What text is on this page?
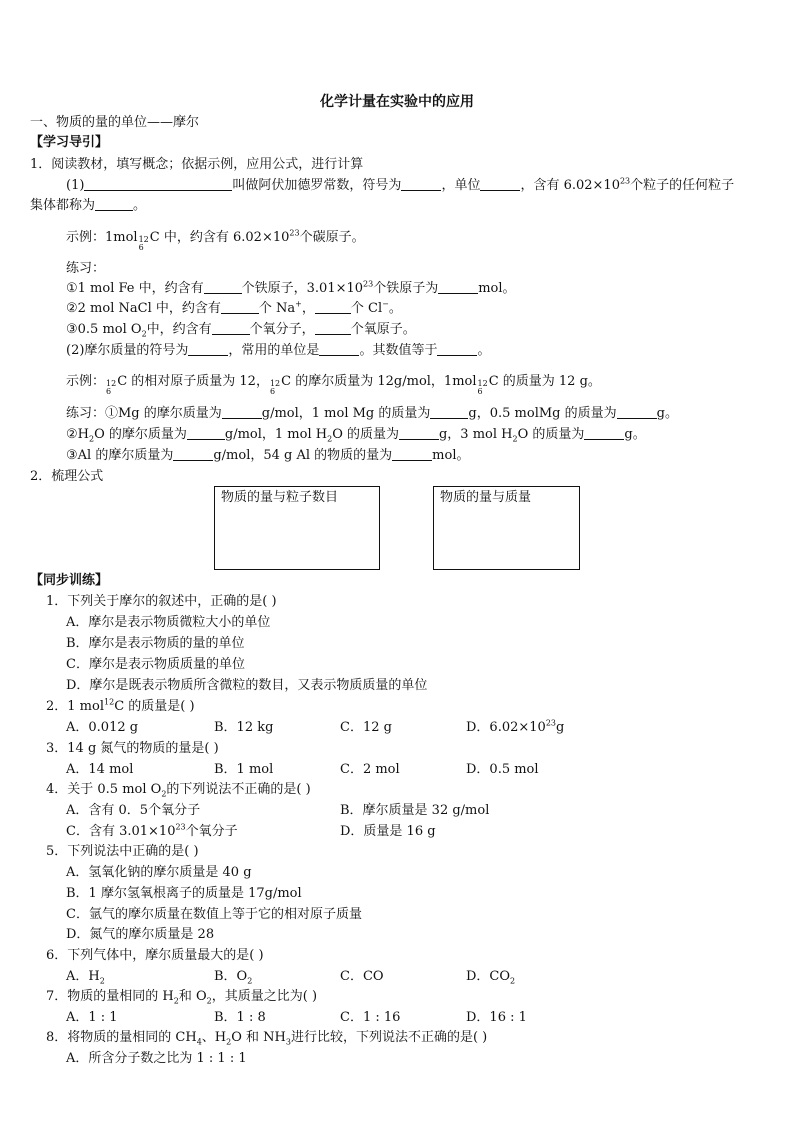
化学计量在实验中的应用
一、物质的量的单位——摩尔
【学习导引】
1．阅读教材，填写概念；依据示例，应用公式，进行计算
(1)	叫做阿伏加德罗常数，符号为	，单位	，含有 $6.02\times 10^{23}$个粒子的任何粒子
集体都称为	。
示例：1mol 12
6
C 中，约含有 $6.02\times 10^{23}$个碳原子。
练习：
①1 mol Fe 中，约含有	个铁原子，$3.01\times 10^{23}$个铁原子为	mol。
②2 mol NaCl 中，约含有	个 Na+，	个 Cl−。
③0.5 mol $O_2$中，约含有	个氧分子，	个氧原子。
(2)摩尔质量的符号为	，常用的单位是	。其数值等于	。
示例： 12
6
C 的相对原子质量为 12， 12
6
C 的摩尔质量为 12g/mol，1mol 12
6
C 的质量为 12 g。
练习：①Mg 的摩尔质量为	g/mol，1 mol Mg 的质量为	g，0.5 molMg 的质量为	g。
$②H_2O$ 的摩尔质量为	g/mol，1 mol $H_2O$ 的质量为	g，3 mol $H_2O$ 的质量为	g。
③Al 的摩尔质量为	g/mol，54 g Al 的物质的量为	mol。
2．梳理公式
物质的量与粒子数目	物质的量与质量
【同步训练】
1．下列关于摩尔的叙述中，正确的是( )
A．摩尔是表示物质微粒大小的单位
B．摩尔是表示物质的量的单位
C．摩尔是表示物质质量的单位
D．摩尔是既表示物质所含微粒的数目，又表示物质质量的单位
2．1 mol$^{12}$C 的质量是( )
A．0.012 g	B．12 kg	C．12 g	D．$6.02\times 10^{23}g$
3．14 g 氮气的物质的量是( )
A．14 mol	B．1 mol	C．2 mol	D．0.5 mol
4．关于 0.5 mol $O_2$的下列说法不正确的是( )
A．含有 0．5个氧分子	B．摩尔质量是 32 g/mol
C．含有 $3.01\times 10^{23}$个氧分子	D．质量是 16 g
5．下列说法中正确的是( )
A．氢氧化钠的摩尔质量是 40 g
B．1 摩尔氢氧根离子的质量是 17g/mol
C．氩气的摩尔质量在数值上等于它的相对原子质量
D．氮气的摩尔质量是 28
6．下列气体中，摩尔质量最大的是( )
A．$H_2$	B．$O_2$	C．CO	D．$CO_2$
7．物质的量相同的 $H_2$和 $O_2$，其质量之比为( )
A．1 : 1	B．1 : 8	C．1 : 16	D．16 : 1
8．将物质的量相同的 $CH_4$、$H_2O$ 和 $NH_3$进行比较，下列说法不正确的是( )
A．所含分子数之比为 1 : 1 : 1
